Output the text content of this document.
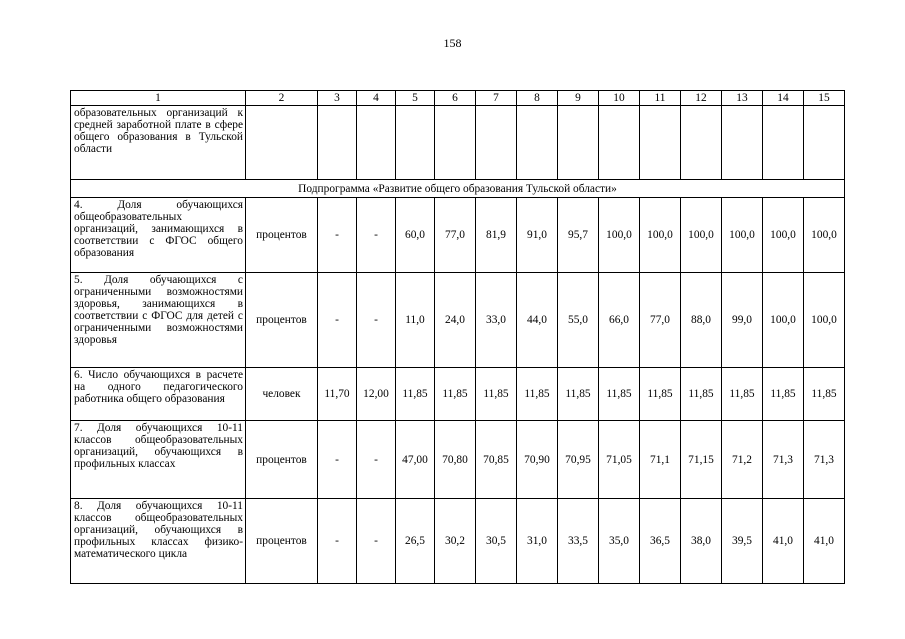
158
1	2	3	4	5	6	7	8	9	10	11	12	13	14	15
образовательных организаций к средней заработной плате в сфере общего образования в Тульской области														
Подпрограмма «Развитие общего образования Тульской области»														
4. Доля обучающихся общеобразовательных организаций, занимающихся в соответствии с ФГОС общего образования	процентов	-	-	60,0	77,0	81,9	91,0	95,7	100,0	100,0	100,0	100,0	100,0	100,0
5. Доля обучающихся с ограниченными возможностями здоровья, занимающихся в соответствии с ФГОС для детей с ограниченными возможностями здоровья	процентов	-	-	11,0	24,0	33,0	44,0	55,0	66,0	77,0	88,0	99,0	100,0	100,0
6. Число обучающихся в расчете на одного педагогического работника общего образования	человек	11,70	12,00	11,85	11,85	11,85	11,85	11,85	11,85	11,85	11,85	11,85	11,85	11,85
7. Доля обучающихся 10-11 классов общеобразовательных организаций, обучающихся в профильных классах	процентов	-	-	47,00	70,80	70,85	70,90	70,95	71,05	71,1	71,15	71,2	71,3	71,3
8. Доля обучающихся 10-11 классов общеобразовательных организаций, обучающихся в профильных классах физико-математического цикла	процентов	-	-	26,5	30,2	30,5	31,0	33,5	35,0	36,5	38,0	39,5	41,0	41,0
